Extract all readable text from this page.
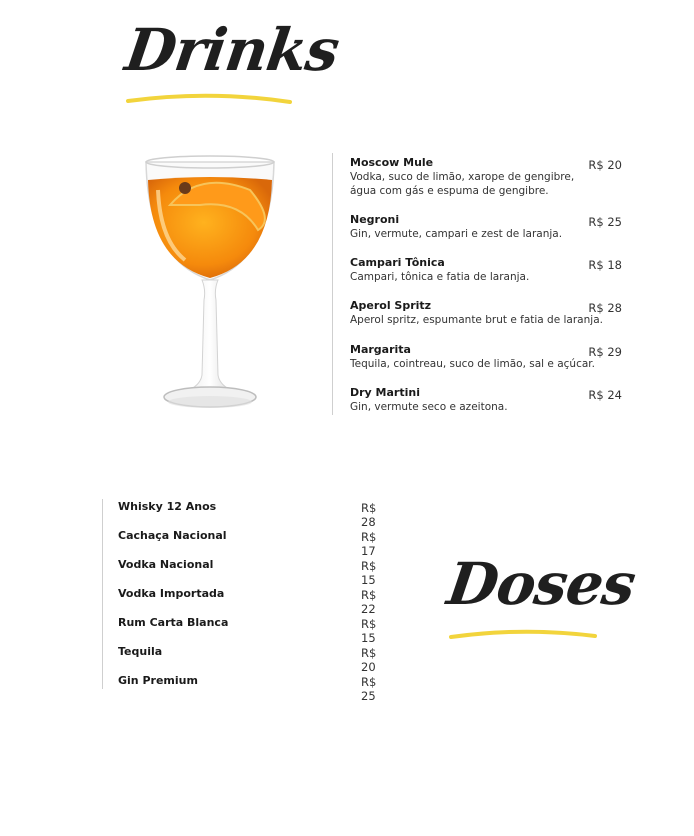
Drinks
Moscow Mule
Vodka, suco de limão, xarope de gengibre, água com gás e espuma de gengibre.
R$ 20
Negroni
Gin, vermute, campari e zest de laranja.
R$ 25
Campari Tônica
Campari, tônica e fatia de laranja.
R$ 18
Aperol Spritz
Aperol spritz, espumante brut e fatia de laranja.
R$ 28
Margarita
Tequila, cointreau, suco de limão, sal e açúcar.
R$ 29
Dry Martini
Gin, vermute seco e azeitona.
R$ 24
Whisky 12 Anos	R$ 28
Cachaça Nacional	R$ 17
Vodka Nacional	R$ 15
Vodka Importada	R$ 22
Rum Carta Blanca	R$ 15
Tequila	R$ 20
Gin Premium	R$ 25
Doses
